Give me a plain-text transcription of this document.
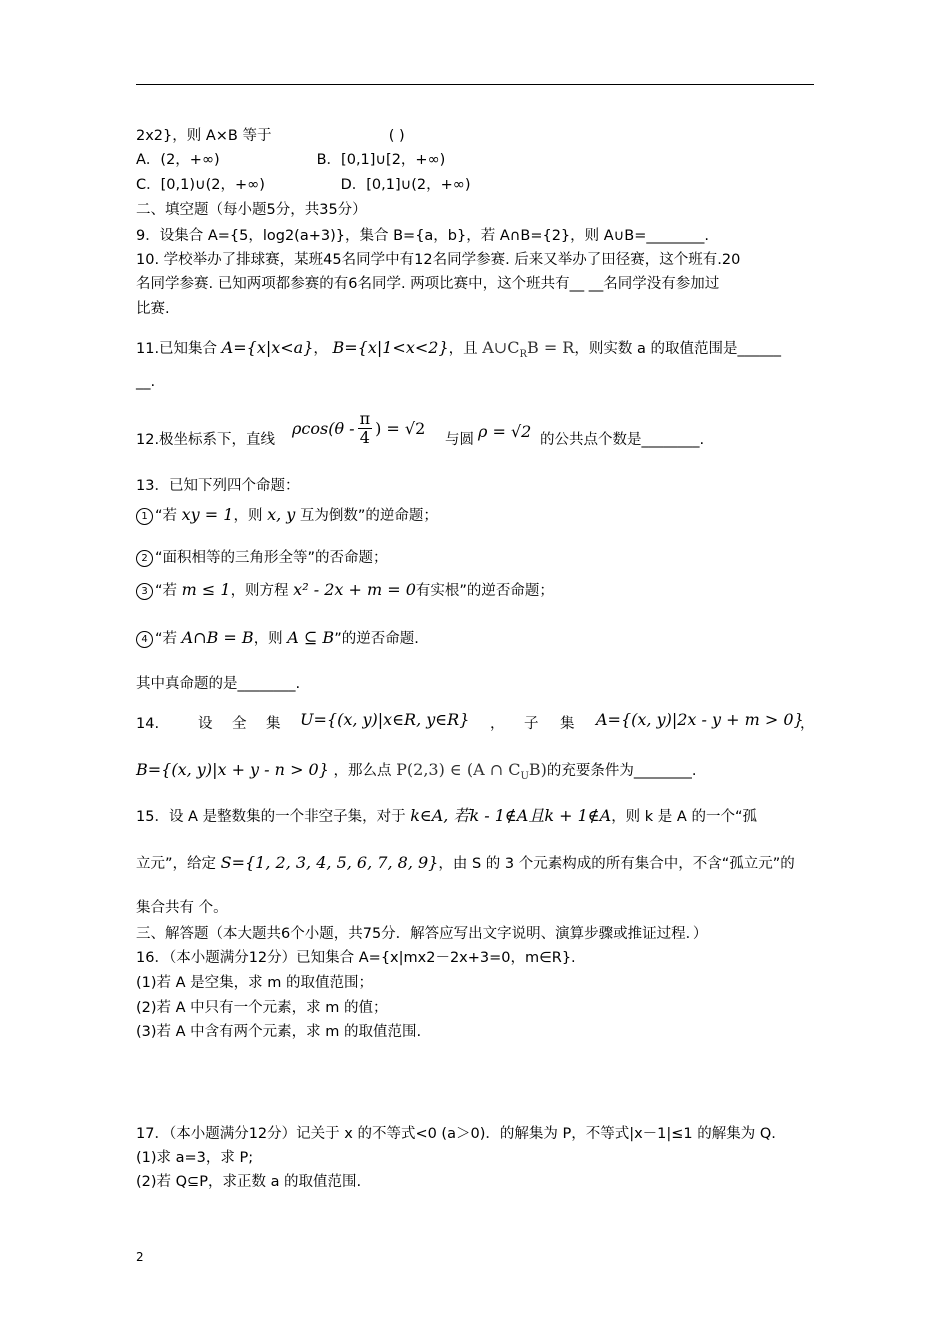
2x2}，则 A×B 等于	( )
A．(2，+∞)	B．[0,1]∪[2，+∞)
C．[0,1)∪(2，+∞)	D．[0,1]∪(2，+∞)
二、填空题（每小题5分，共35分）
9．设集合 A={5，log2(a+3)}，集合 B={a，b}，若 A∩B={2}，则 A∪B=________.
10. 学校举办了排球赛，某班45名同学中有12名同学参赛. 后来又举办了田径赛，这个班有.20
名同学参赛. 已知两项都参赛的有6名同学. 两项比赛中，这个班共有__ __名同学没有参加过
比赛.
11.已知集合 A={x|x<a}， B={x|1<x<2}，且 $A\cup C_RB = R$，则实数 a 的取值范围是______
__.
12.极坐标系下，直线
$\rho\cos(\theta - \frac{\pi}{4}$ ) = √2
与圆 ρ = √2 的公共点个数是________.
13．已知下列四个命题：
1 “若 xy = 1，则 x, y 互为倒数”的逆命题；
2 “面积相等的三角形全等”的否命题；
3 “若 m ≤ 1，则方程 x² - 2x + m = 0有实根”的逆否命题；
4 “若 A∩B = B，则 A ⊆ B”的逆否命题.
其中真命题的是________.
14.	设 全 集 U={(x, y)|x∈R, y∈R} ， 子 集 A={(x, y)|2x - y + m > 0}
，
B={(x, y)|x + y - n > 0} ，那么点 P(2,3) ∈ (A ∩ $C_UB$)的充要条件为________.
15．设 A 是整数集的一个非空子集，对于 k∈A, 若k - 1∉A且k + 1∉A，则 k 是 A 的一个“孤
立元”，给定 S={1, 2, 3, 4, 5, 6, 7, 8, 9}，由 S 的 3 个元素构成的所有集合中，不含“孤立元”的
集合共有 个。
三、解答题（本大题共6个小题，共75分．解答应写出文字说明、演算步骤或推证过程．）
16．（本小题满分12分）已知集合 A={x|mx2－2x+3=0，m∈R}.
(1)若 A 是空集，求 m 的取值范围；
(2)若 A 中只有一个元素，求 m 的值；
(3)若 A 中含有两个元素，求 m 的取值范围.
17．（本小题满分12分）记关于 x 的不等式<0 (a＞0)．的解集为 P，不等式|x－1|≤1 的解集为 Q.
(1)求 a=3，求 P;
(2)若 Q⊆P，求正数 a 的取值范围.
2
